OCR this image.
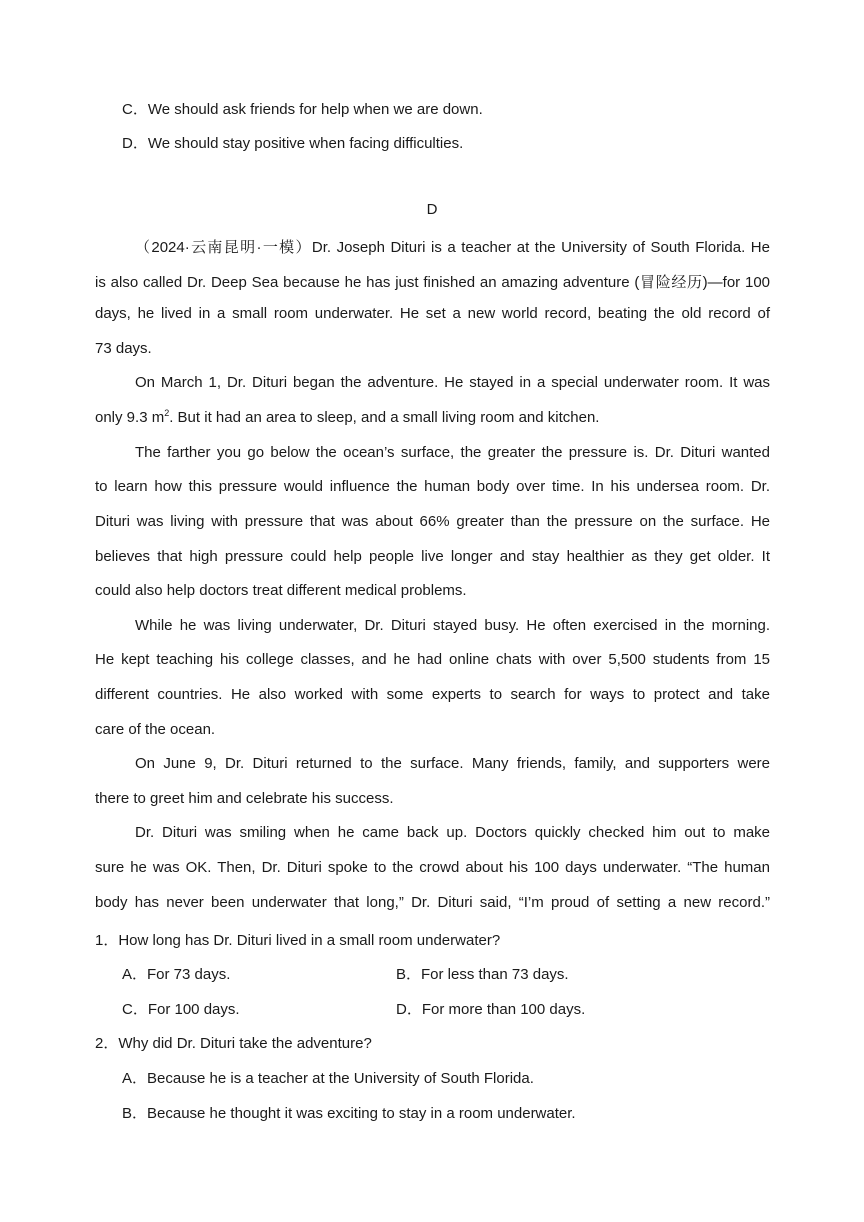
C．We should ask friends for help when we are down.
D．We should stay positive when facing difficulties.
D
（2024·云南昆明·一模）Dr. Joseph Dituri is a teacher at the University of South Florida. He
is also called Dr. Deep Sea because he has just finished an amazing adventure (冒险经历)—for 100
days, he lived in a small room underwater. He set a new world record, beating the old record of
73 days.
On March 1, Dr. Dituri began the adventure. He stayed in a special underwater room. It was
only 9.3 $m^2$. But it had an area to sleep, and a small living room and kitchen.
The farther you go below the ocean’s surface, the greater the pressure is. Dr. Dituri wanted
to learn how this pressure would influence the human body over time. In his undersea room. Dr.
Dituri was living with pressure that was about 66% greater than the pressure on the surface. He
believes that high pressure could help people live longer and stay healthier as they get older. It
could also help doctors treat different medical problems.
While he was living underwater, Dr. Dituri stayed busy. He often exercised in the morning.
He kept teaching his college classes, and he had online chats with over 5,500 students from 15
different countries. He also worked with some experts to search for ways to protect and take
care of the ocean.
On June 9, Dr. Dituri returned to the surface. Many friends, family, and supporters were
there to greet him and celebrate his success.
Dr. Dituri was smiling when he came back up. Doctors quickly checked him out to make
sure he was OK. Then, Dr. Dituri spoke to the crowd about his 100 days underwater. “The human
body has never been underwater that long,” Dr. Dituri said, “I’m proud of setting a new record.”
1．How long has Dr. Dituri lived in a small room underwater?
A．For 73 days.	B．For less than 73 days.
C．For 100 days.	D．For more than 100 days.
2．Why did Dr. Dituri take the adventure?
A．Because he is a teacher at the University of South Florida.
B．Because he thought it was exciting to stay in a room underwater.
